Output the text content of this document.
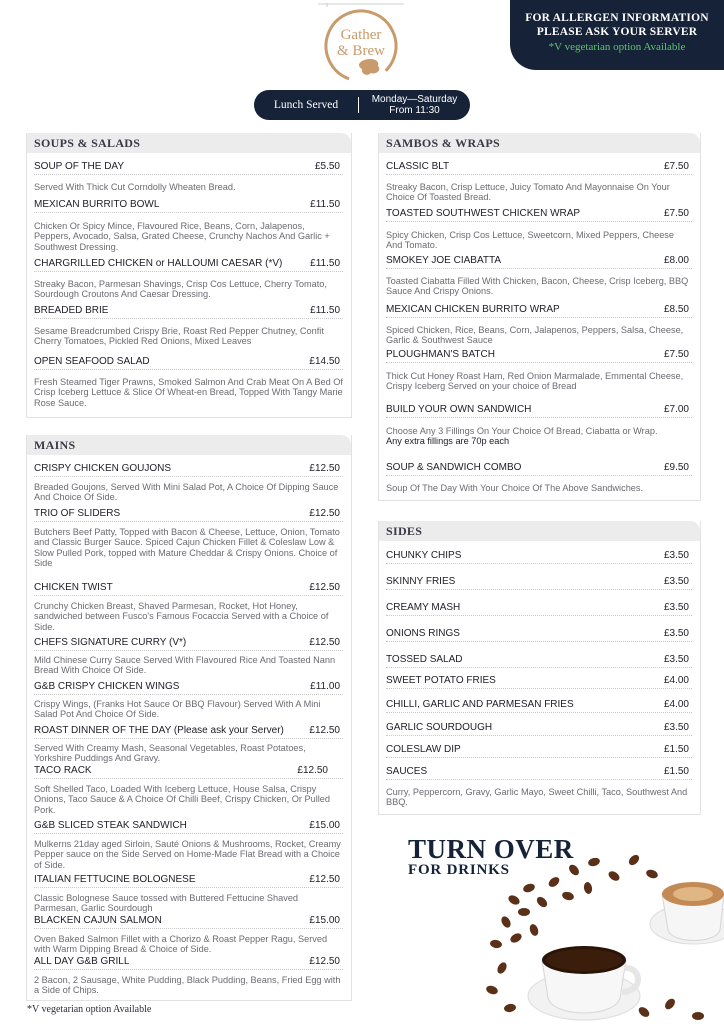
Gather
& Brew
FOR ALLERGEN INFORMATION
PLEASE ASK YOUR SERVER
*V vegetarian option Available
Lunch Served	Monday—Saturday
From 11:30
SOUPS & SALADS
SOUP OF THE DAY	£5.50
Served With Thick Cut Corndolly Wheaten Bread.
MEXICAN BURRITO BOWL	£11.50
Chicken Or Spicy Mince, Flavoured Rice, Beans, Corn, Jalapenos, Peppers, Avocado, Salsa, Grated Cheese, Crunchy Nachos And Garlic + Southwest Dressing.
CHARGRILLED CHICKEN or HALLOUMI CAESAR (*V)	£11.50
Streaky Bacon, Parmesan Shavings, Crisp Cos Lettuce, Cherry Tomato, Sourdough Croutons And Caesar Dressing.
BREADED BRIE	£11.50
Sesame Breadcrumbed Crispy Brie, Roast Red Pepper Chutney, Confit Cherry Tomatoes, Pickled Red Onions, Mixed Leaves
OPEN SEAFOOD SALAD	£14.50
Fresh Steamed Tiger Prawns, Smoked Salmon And Crab Meat On A Bed Of Crisp Iceberg Lettuce & Slice Of Wheat-en Bread, Topped With Tangy Marie Rose Sauce.
MAINS
CRISPY CHICKEN GOUJONS	£12.50
Breaded Goujons, Served With Mini Salad Pot, A Choice Of Dipping Sauce And Choice Of Side.
TRIO OF SLIDERS	£12.50
Butchers Beef Patty, Topped with Bacon & Cheese, Lettuce, Onion, Tomato and Classic Burger Sauce. Spiced Cajun Chicken Fillet & Coleslaw Low & Slow Pulled Pork, topped with Mature Cheddar & Crispy Onions. Choice of Side
CHICKEN TWIST	£12.50
Crunchy Chicken Breast, Shaved Parmesan, Rocket, Hot Honey, sandwiched between Fusco's Famous Focaccia Served with a Choice of Side.
CHEFS SIGNATURE CURRY (V*)	£12.50
Mild Chinese Curry Sauce Served With Flavoured Rice And Toasted Nann Bread With Choice Of Side.
G&B CRISPY CHICKEN WINGS	£11.00
Crispy Wings, (Franks Hot Sauce Or BBQ Flavour) Served With A Mini Salad Pot And Choice Of Side.
ROAST DINNER OF THE DAY (Please ask your Server)	£12.50
Served With Creamy Mash, Seasonal Vegetables, Roast Potatoes, Yorkshire Puddings And Gravy.
TACO RACK	£12.50
Soft Shelled Taco, Loaded With Iceberg Lettuce, House Salsa, Crispy Onions, Taco Sauce & A Choice Of Chilli Beef, Crispy Chicken, Or Pulled Pork.
G&B SLICED STEAK SANDWICH	£15.00
Mulkerns 21day aged Sirloin, Sauté Onions & Mushrooms, Rocket, Creamy Pepper sauce on the Side Served on Home-Made Flat Bread with a Choice of Side.
ITALIAN FETTUCINE BOLOGNESE	£12.50
Classic Bolognese Sauce tossed with Buttered Fettucine Shaved Parmesan, Garlic Sourdough
BLACKEN CAJUN SALMON	£15.00
Oven Baked Salmon Fillet with a Chorizo & Roast Pepper Ragu, Served with Warm Dipping Bread & Choice of Side.
ALL DAY G&B GRILL	£12.50
2 Bacon, 2 Sausage, White Pudding, Black Pudding, Beans, Fried Egg with a Side of Chips.
SAMBOS & WRAPS
CLASSIC BLT	£7.50
Streaky Bacon, Crisp Lettuce, Juicy Tomato And Mayonnaise On Your Choice Of Toasted Bread.
TOASTED SOUTHWEST CHICKEN WRAP	£7.50
Spicy Chicken, Crisp Cos Lettuce, Sweetcorn, Mixed Peppers, Cheese And Tomato.
SMOKEY JOE CIABATTA	£8.00
Toasted Ciabatta Filled With Chicken, Bacon, Cheese, Crisp Iceberg, BBQ Sauce And Crispy Onions.
MEXICAN CHICKEN BURRITO WRAP	£8.50
Spiced Chicken, Rice, Beans, Corn, Jalapenos, Peppers, Salsa, Cheese, Garlic & Southwest Sauce
PLOUGHMAN'S BATCH	£7.50
Thick Cut Honey Roast Ham, Red Onion Marmalade, Emmental Cheese, Crispy Iceberg Served on your choice of Bread
BUILD YOUR OWN SANDWICH	£7.00
Choose Any 3 Fillings On Your Choice Of Bread, Ciabatta or Wrap.
Any extra fillings are 70p each
SOUP & SANDWICH COMBO	£9.50
Soup Of The Day With Your Choice Of The Above Sandwiches.
SIDES
CHUNKY CHIPS	£3.50
SKINNY FRIES	£3.50
CREAMY MASH	£3.50
ONIONS RINGS	£3.50
TOSSED SALAD	£3.50
SWEET POTATO FRIES	£4.00
CHILLI, GARLIC AND PARMESAN FRIES	£4.00
GARLIC SOURDOUGH	£3.50
COLESLAW DIP	£1.50
SAUCES	£1.50
Curry, Peppercorn, Gravy, Garlic Mayo, Sweet Chilli, Taco, Southwest And BBQ.
TURN OVER
FOR DRINKS
*V vegetarian option Available
